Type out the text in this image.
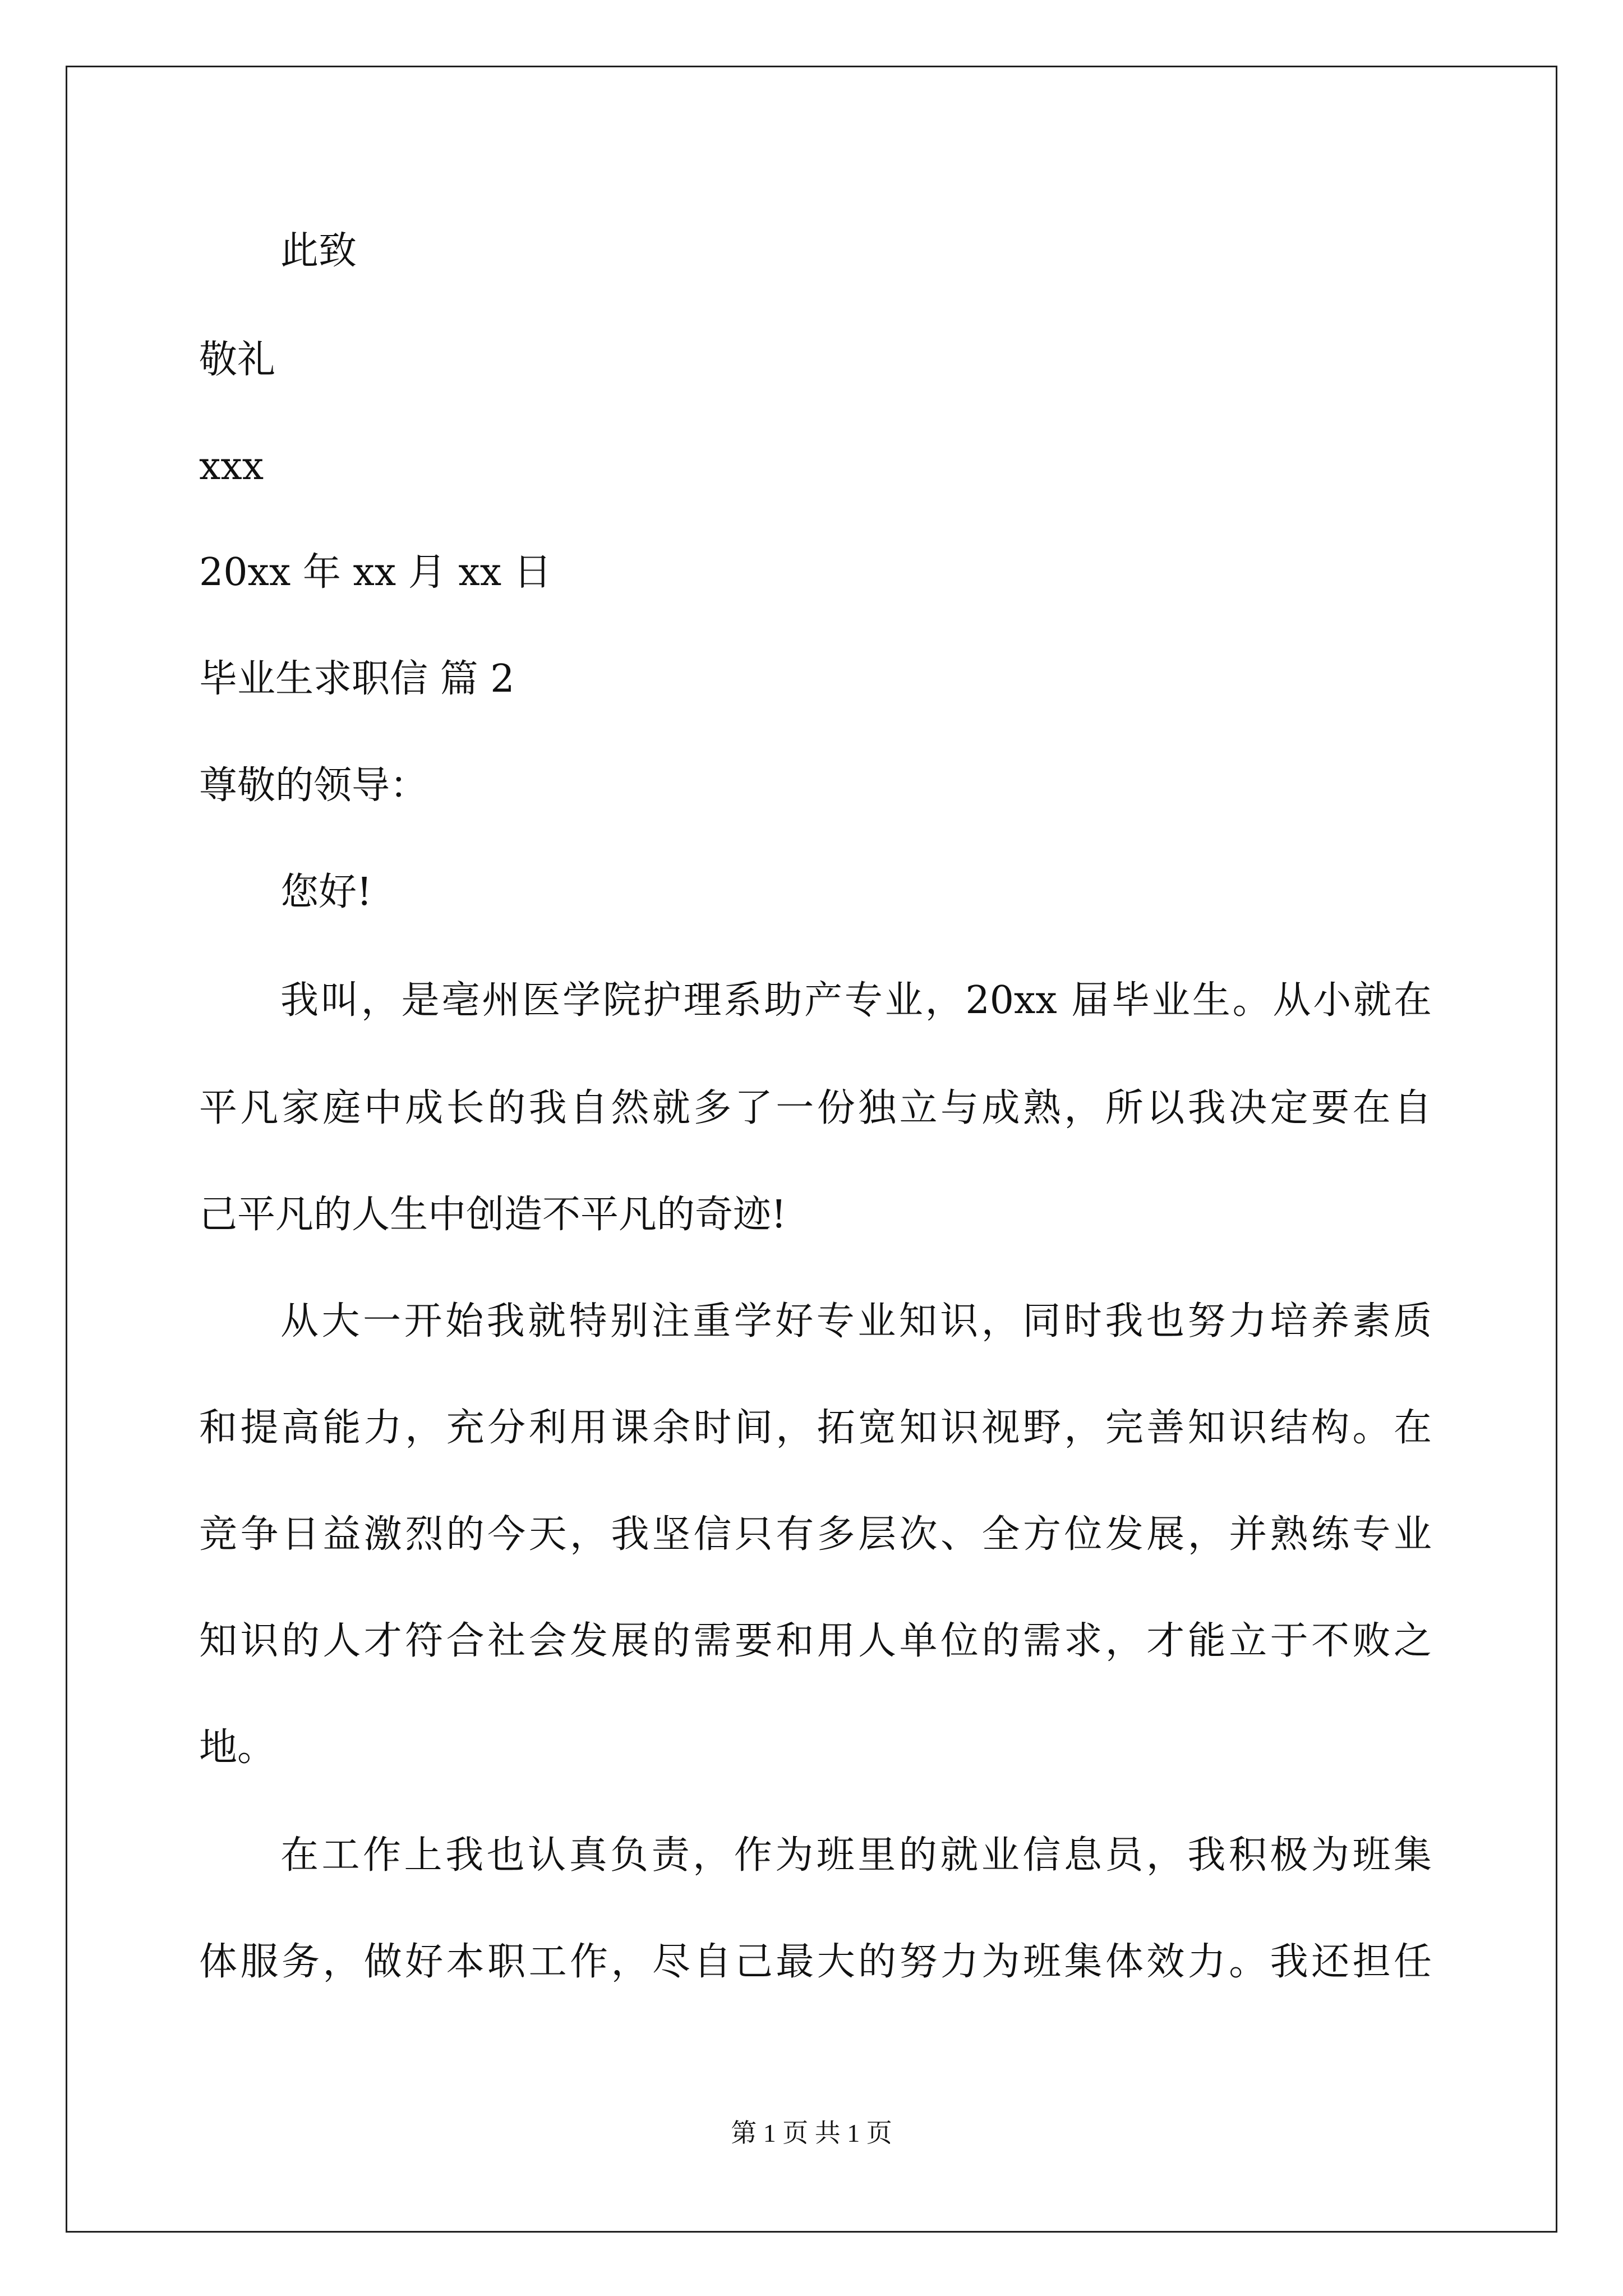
此致
敬礼
xxx
20xx 年 xx 月 xx 日
毕业生求职信 篇 2
尊敬的领导：
您好!
我叫，是亳州医学院护理系助产专业，20xx 届毕业生。从小就在
平凡家庭中成长的我自然就多了一份独立与成熟，所以我决定要在自
己平凡的人生中创造不平凡的奇迹!
从大一开始我就特别注重学好专业知识，同时我也努力培养素质
和提高能力，充分利用课余时间，拓宽知识视野，完善知识结构。在
竞争日益激烈的今天，我坚信只有多层次、全方位发展，并熟练专业
知识的人才符合社会发展的需要和用人单位的需求，才能立于不败之
地。
在工作上我也认真负责，作为班里的就业信息员，我积极为班集
体服务，做好本职工作，尽自己最大的努力为班集体效力。我还担任
第 1 页 共 1 页
